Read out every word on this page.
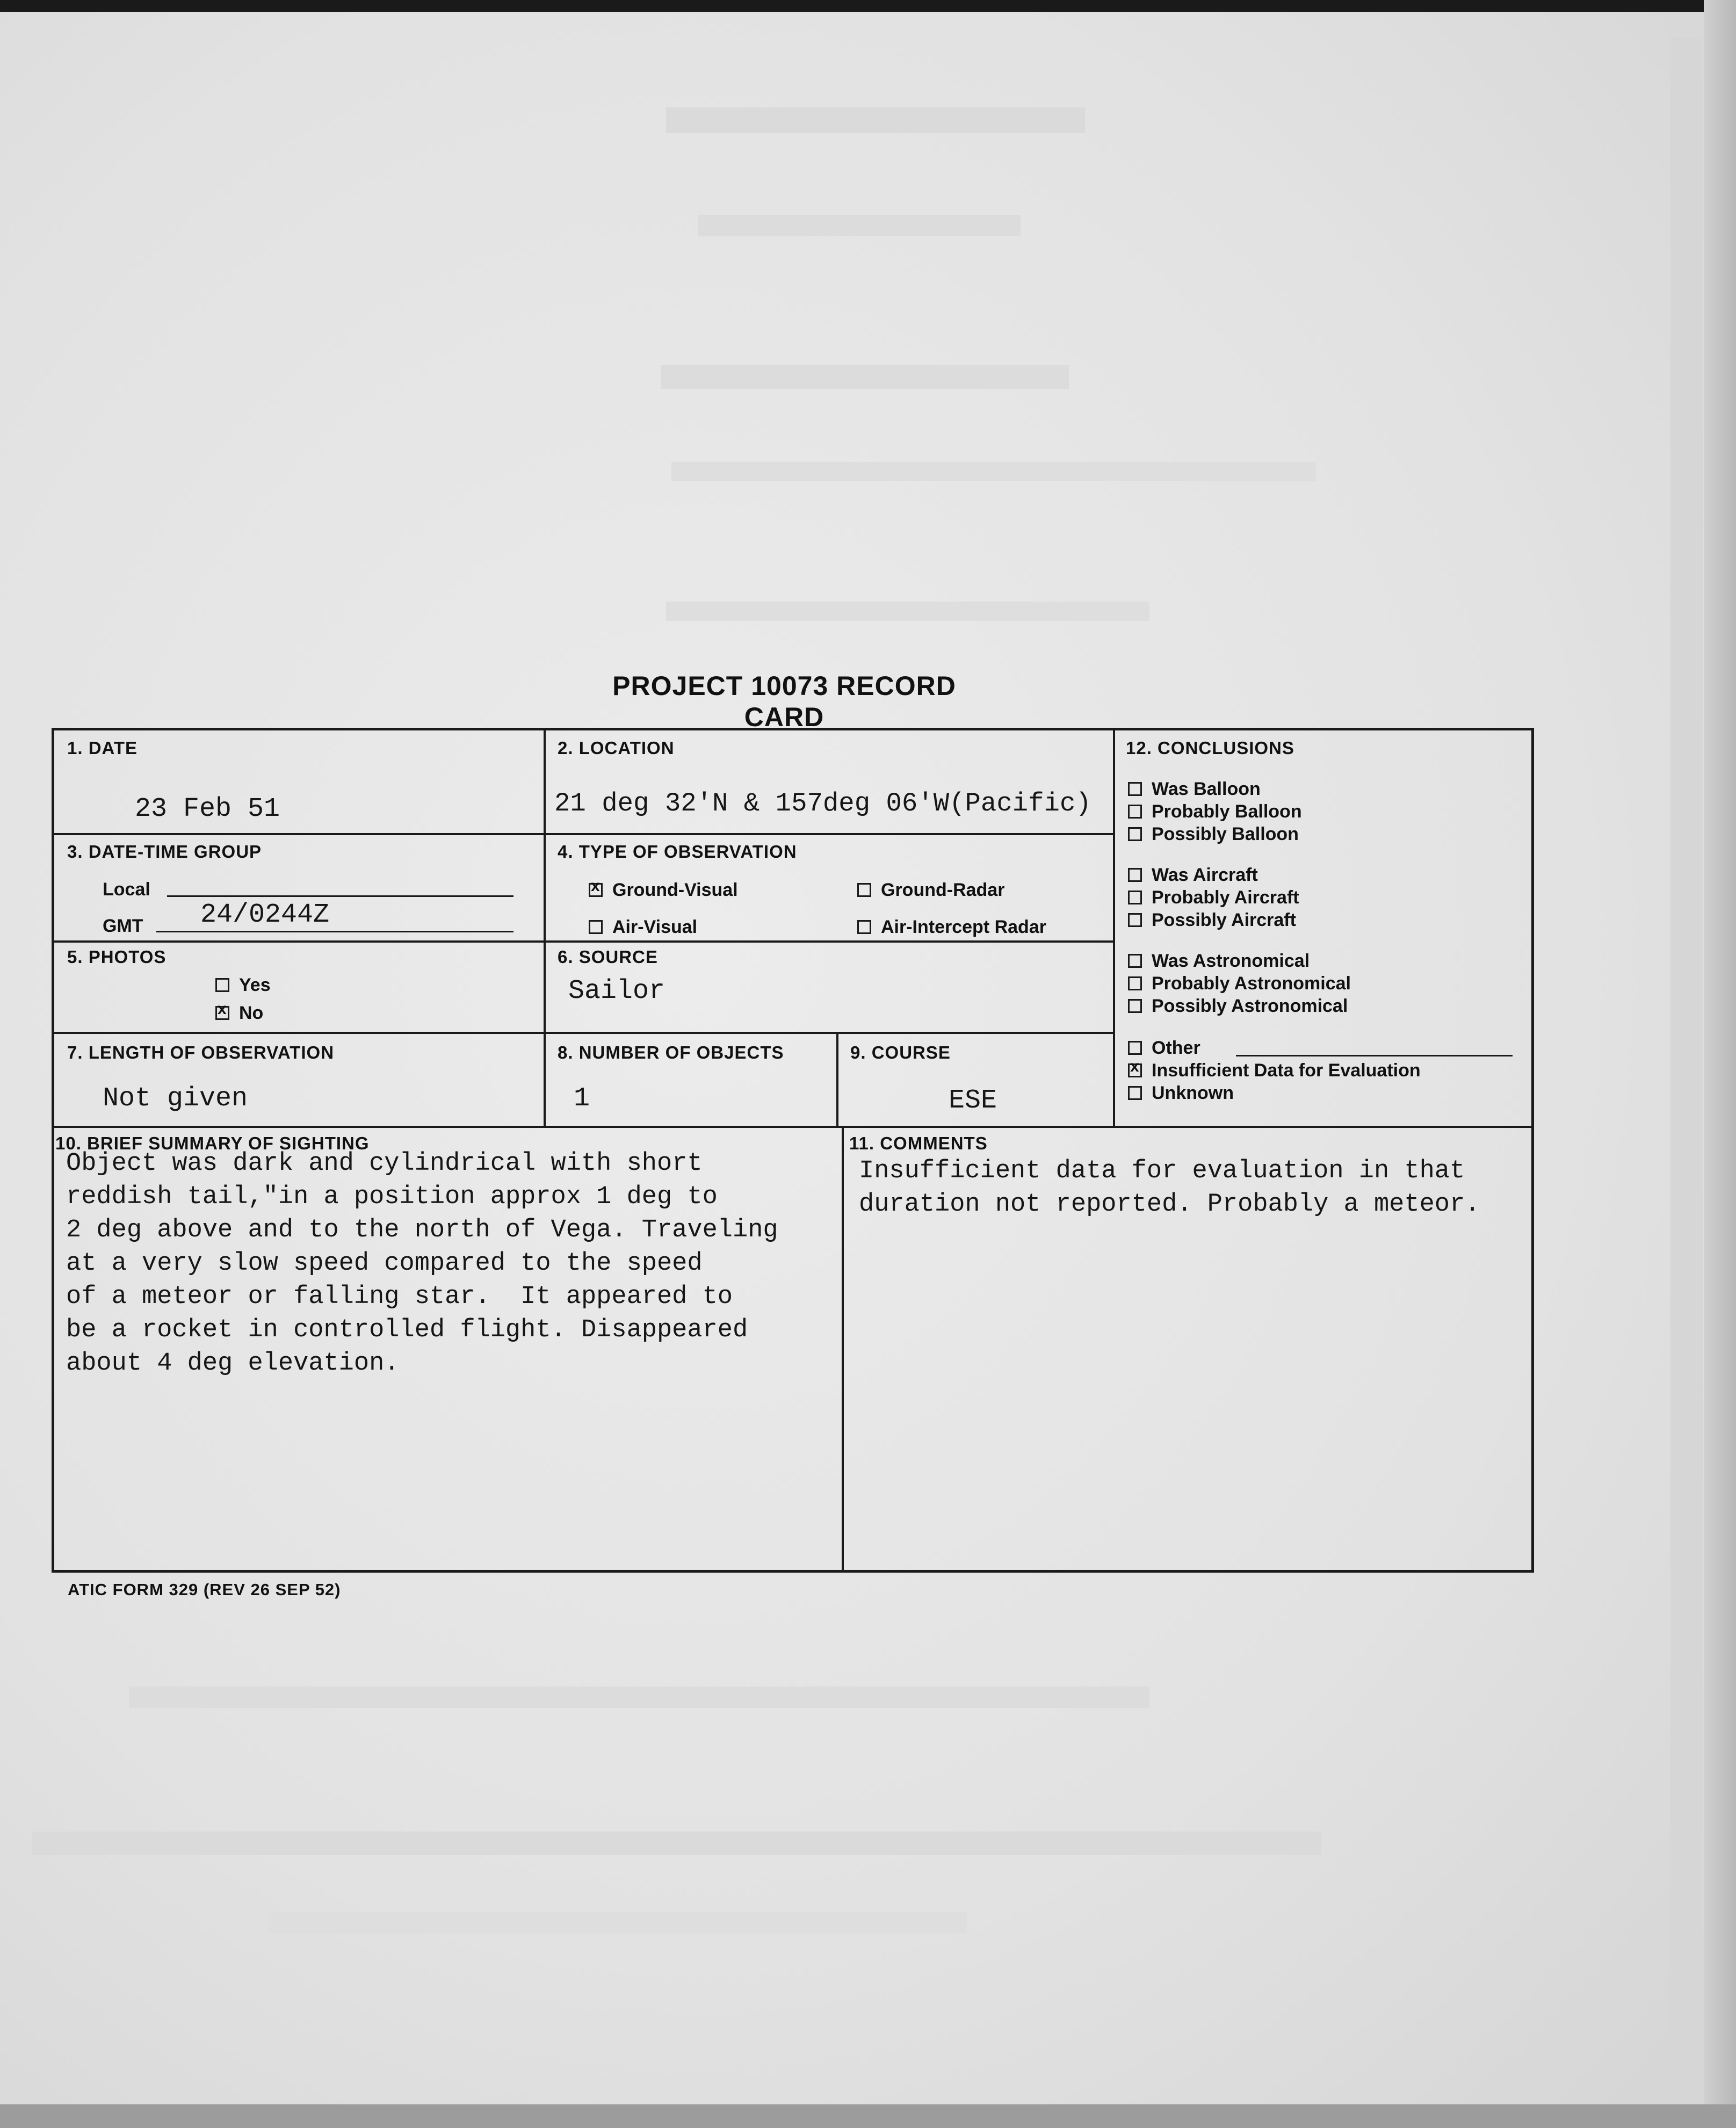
PROJECT 10073 RECORD CARD
1. DATE
23 Feb 51
2. LOCATION
21 deg 32'N & 157deg 06'W(Pacific)
12. CONCLUSIONS
Was Balloon
Probably Balloon
Possibly Balloon
Was Aircraft
Probably Aircraft
Possibly Aircraft
Was Astronomical
Probably Astronomical
Possibly Astronomical
Other
xInsufficient Data for Evaluation
Unknown
3. DATE-TIME GROUP
Local
GMT 24/0244Z
4. TYPE OF OBSERVATION
xGround-Visual	Ground-Radar
Air-Visual	Air-Intercept Radar
5. PHOTOS
Yes
xNo
6. SOURCE
Sailor
7. LENGTH OF OBSERVATION
Not given
8. NUMBER OF OBJECTS
1
9. COURSE
ESE
10. BRIEF SUMMARY OF SIGHTING
Object was dark and cylindrical with short
reddish tail,"in a position approx 1 deg to
2 deg above and to the north of Vega. Traveling
at a very slow speed compared to the speed
of a meteor or falling star.  It appeared to
be a rocket in controlled flight. Disappeared
about 4 deg elevation.
11. COMMENTS
Insufficient data for evaluation in that
duration not reported. Probably a meteor.
ATIC FORM 329 (REV 26 SEP 52)
